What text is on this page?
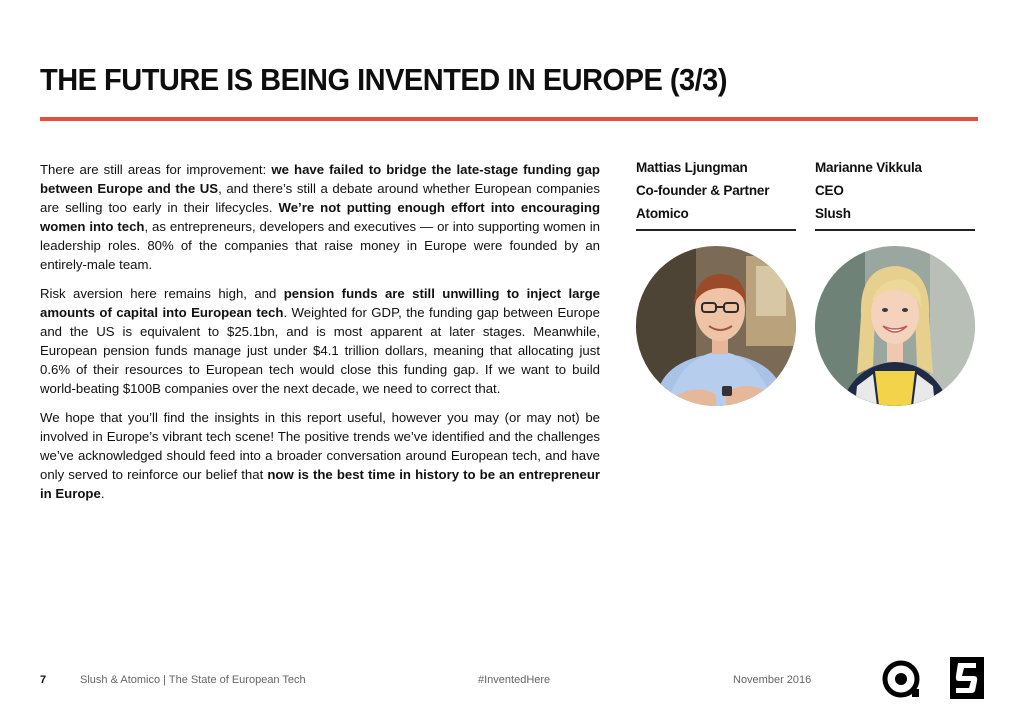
THE FUTURE IS BEING INVENTED IN EUROPE (3/3)

There are still areas for improvement: we have failed to bridge the late-stage funding gap between Europe and the US, and there’s still a debate around whether European companies are selling too early in their lifecycles. We’re not putting enough effort into encouraging women into tech, as entrepreneurs, developers and executives — or into supporting women in leadership roles. 80% of the companies that raise money in Europe were founded by an entirely-male team.

Risk aversion here remains high, and pension funds are still unwilling to inject large amounts of capital into European tech. Weighted for GDP, the funding gap between Europe and the US is equivalent to $25.1bn, and is most apparent at later stages. Meanwhile, European pension funds manage just under $4.1 trillion dollars, meaning that allocating just 0.6% of their resources to European tech would close this funding gap. If we want to build world-beating $100B companies over the next decade, we need to correct that.

We hope that you’ll find the insights in this report useful, however you may (or may not) be involved in Europe’s vibrant tech scene! The positive trends we’ve identified and the challenges we’ve acknowledged should feed into a broader conversation around European tech, and have only served to reinforce our belief that now is the best time in history to be an entrepreneur in Europe.

Mattias Ljungman
Co-founder & Partner
Atomico
Marianne Vikkula
CEO
Slush
7	Slush & Atomico | The State of European Tech	#InventedHere	November 2016
